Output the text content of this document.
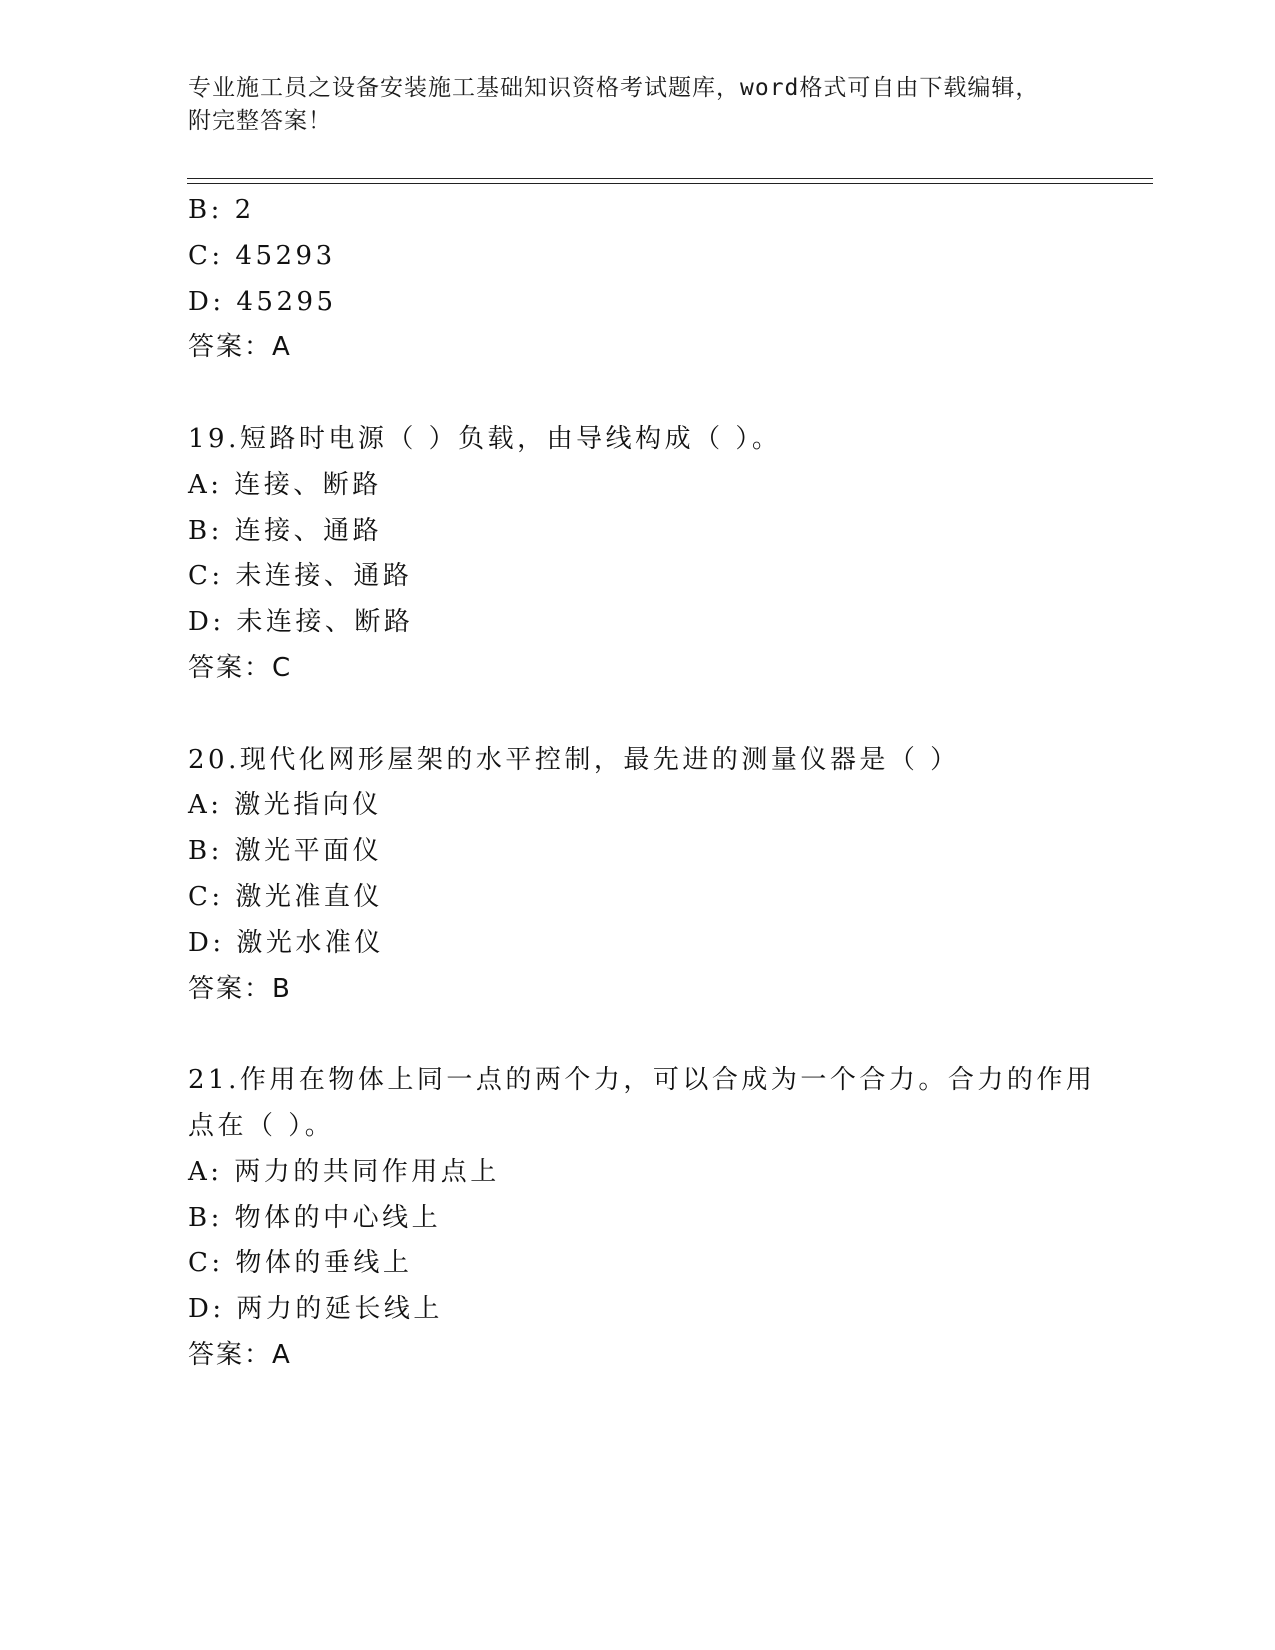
专业施工员之设备安装施工基础知识资格考试题库，word格式可自由下载编辑，
附完整答案！
B: 2
C: 45293
D: 45295
答案：A
19.短路时电源（ ）负载，由导线构成（ ）。
A: 连接、断路
B: 连接、通路
C: 未连接、通路
D: 未连接、断路
答案：C
20.现代化网形屋架的水平控制，最先进的测量仪器是（ ）
A: 激光指向仪
B: 激光平面仪
C: 激光准直仪
D: 激光水准仪
答案：B
21.作用在物体上同一点的两个力，可以合成为一个合力。合力的作用
点在（ ）。
A: 两力的共同作用点上
B: 物体的中心线上
C: 物体的垂线上
D: 两力的延长线上
答案：A
